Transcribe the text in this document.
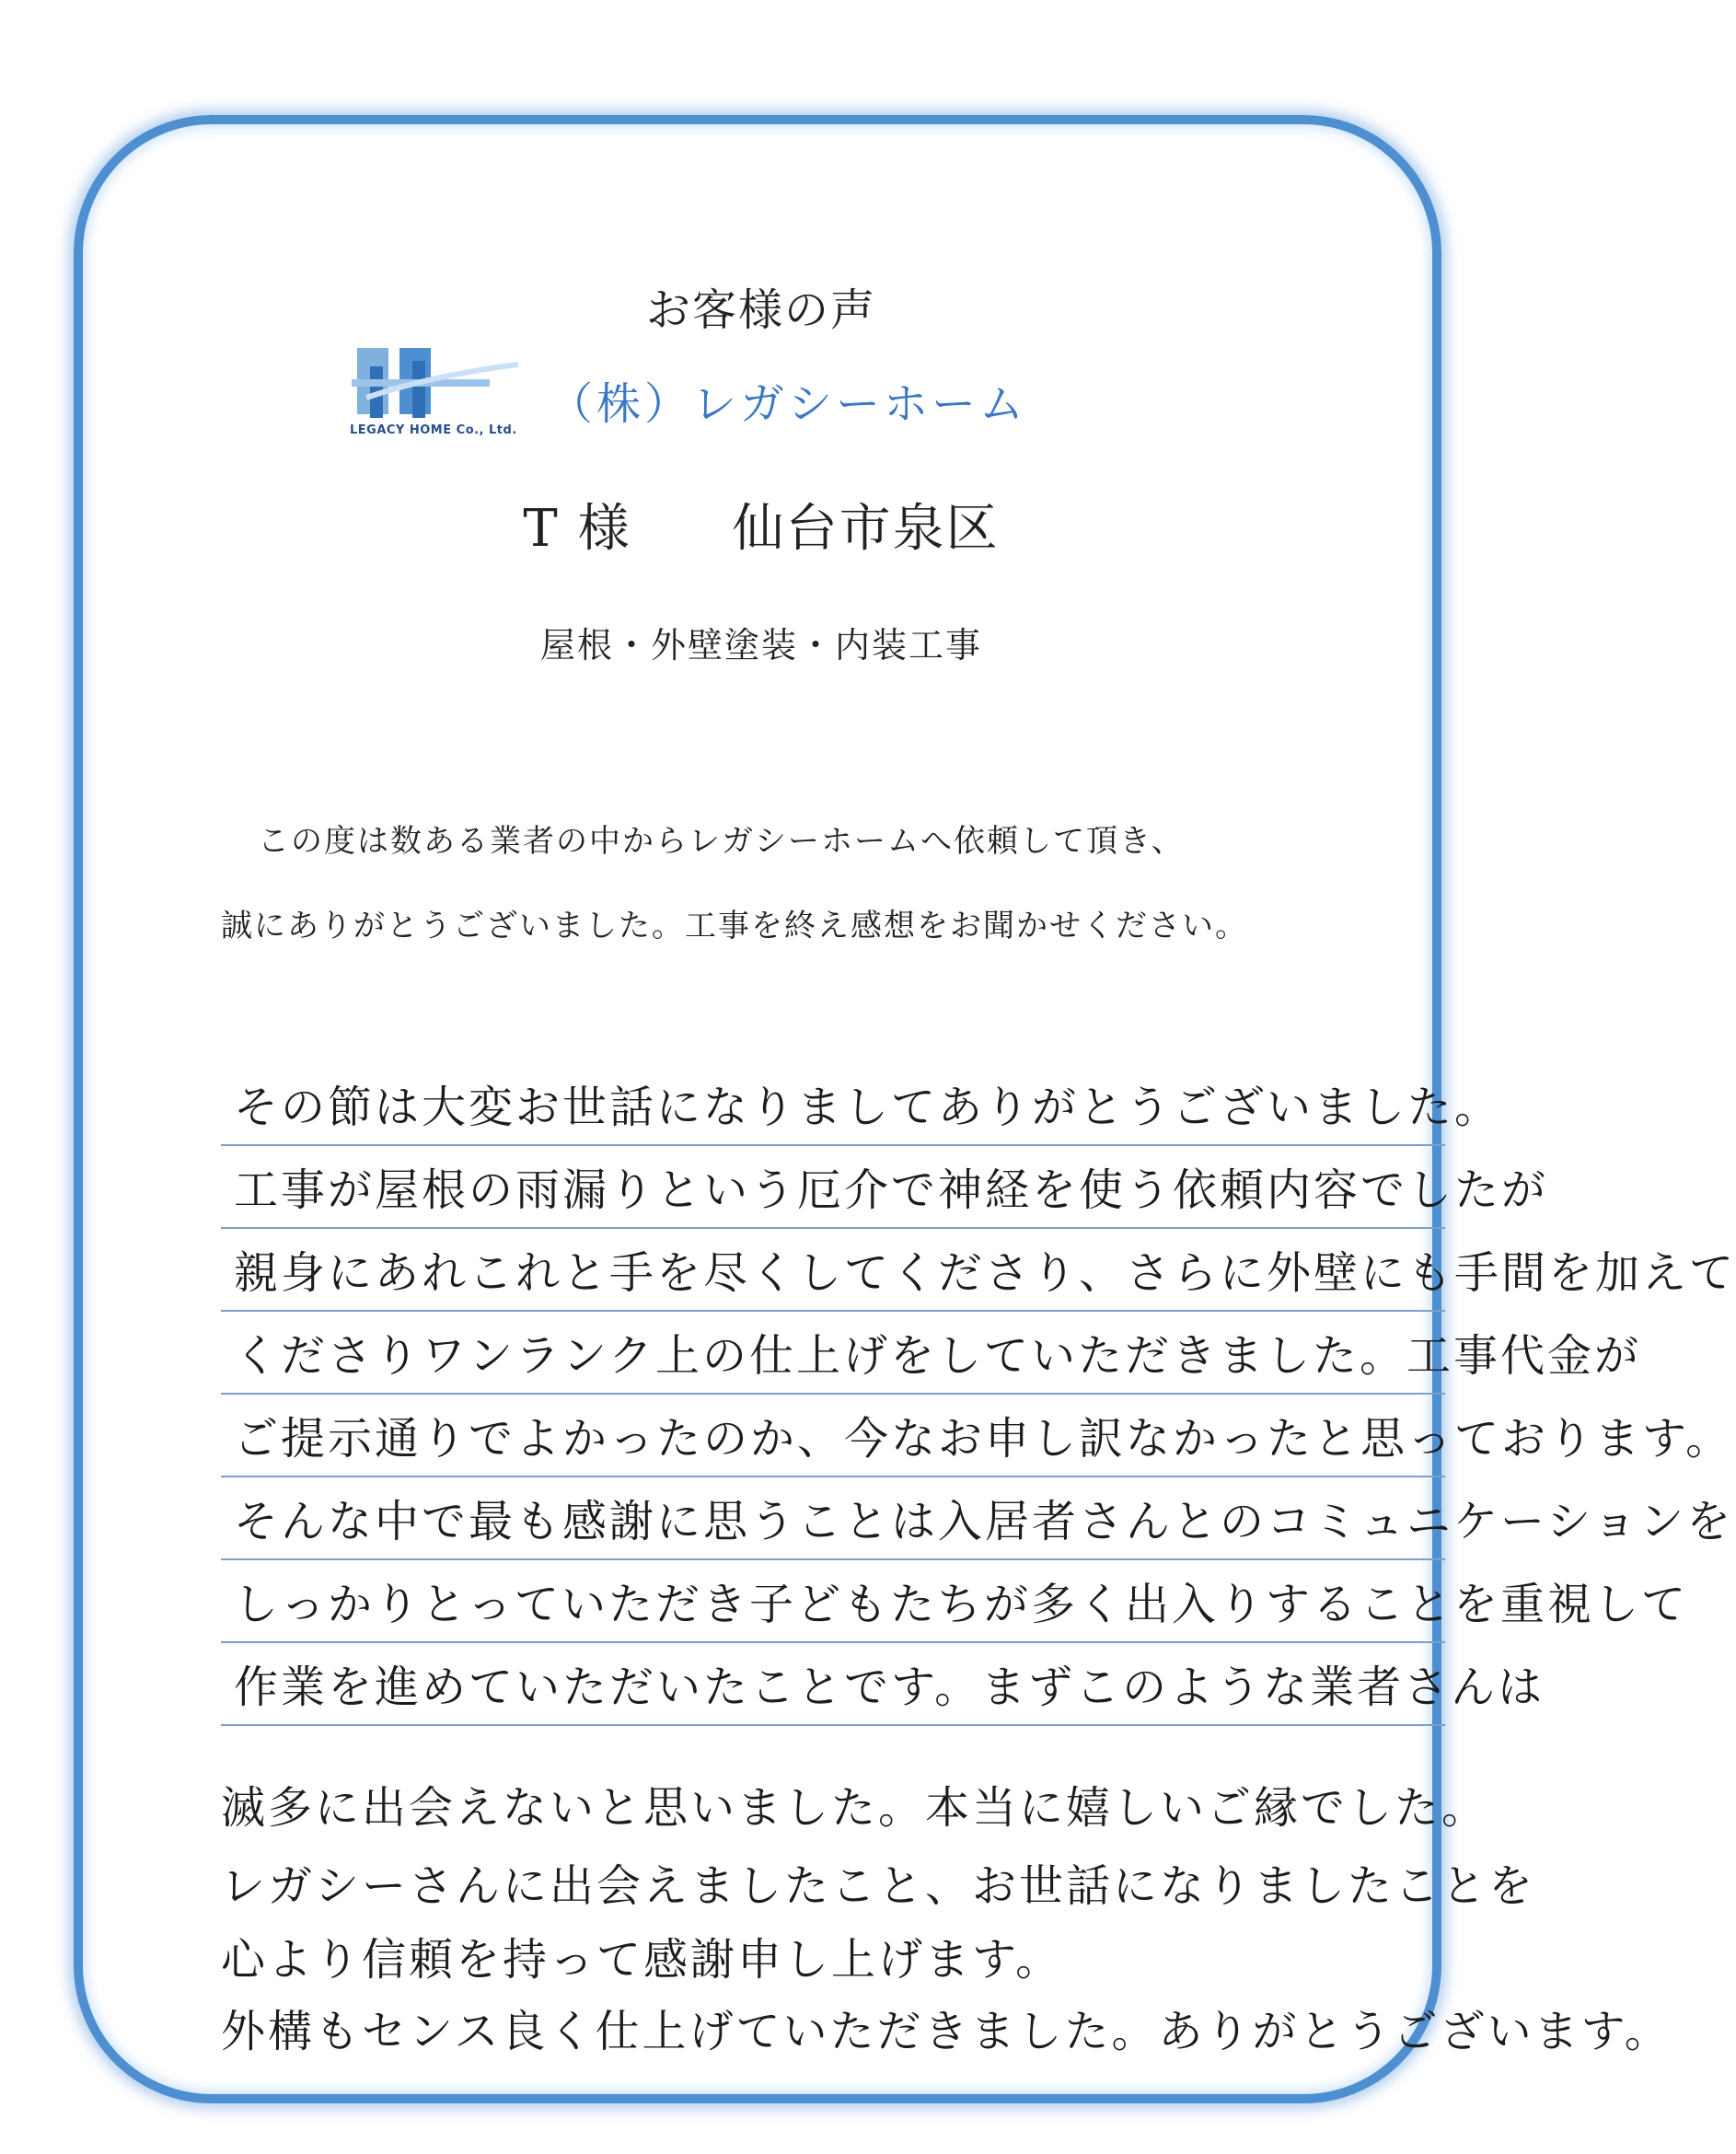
お客様の声
LEGACY HOME Co., Ltd.
（株）レガシーホーム
T 様 仙台市泉区
屋根・外壁塗装・内装工事
この度は数ある業者の中からレガシーホームへ依頼して頂き、
誠にありがとうございました。工事を終え感想をお聞かせください。
その節は大変お世話になりましてありがとうございました。
工事が屋根の雨漏りという厄介で神経を使う依頼内容でしたが
親身にあれこれと手を尽くしてくださり、さらに外壁にも手間を加えて
くださりワンランク上の仕上げをしていただきました。工事代金が
ご提示通りでよかったのか、今なお申し訳なかったと思っております。
そんな中で最も感謝に思うことは入居者さんとのコミュニケーションを
しっかりとっていただき子どもたちが多く出入りすることを重視して
作業を進めていただいたことです。まずこのような業者さんは
滅多に出会えないと思いました。本当に嬉しいご縁でした。
レガシーさんに出会えましたこと、お世話になりましたことを
心より信頼を持って感謝申し上げます。
外構もセンス良く仕上げていただきました。ありがとうございます。
